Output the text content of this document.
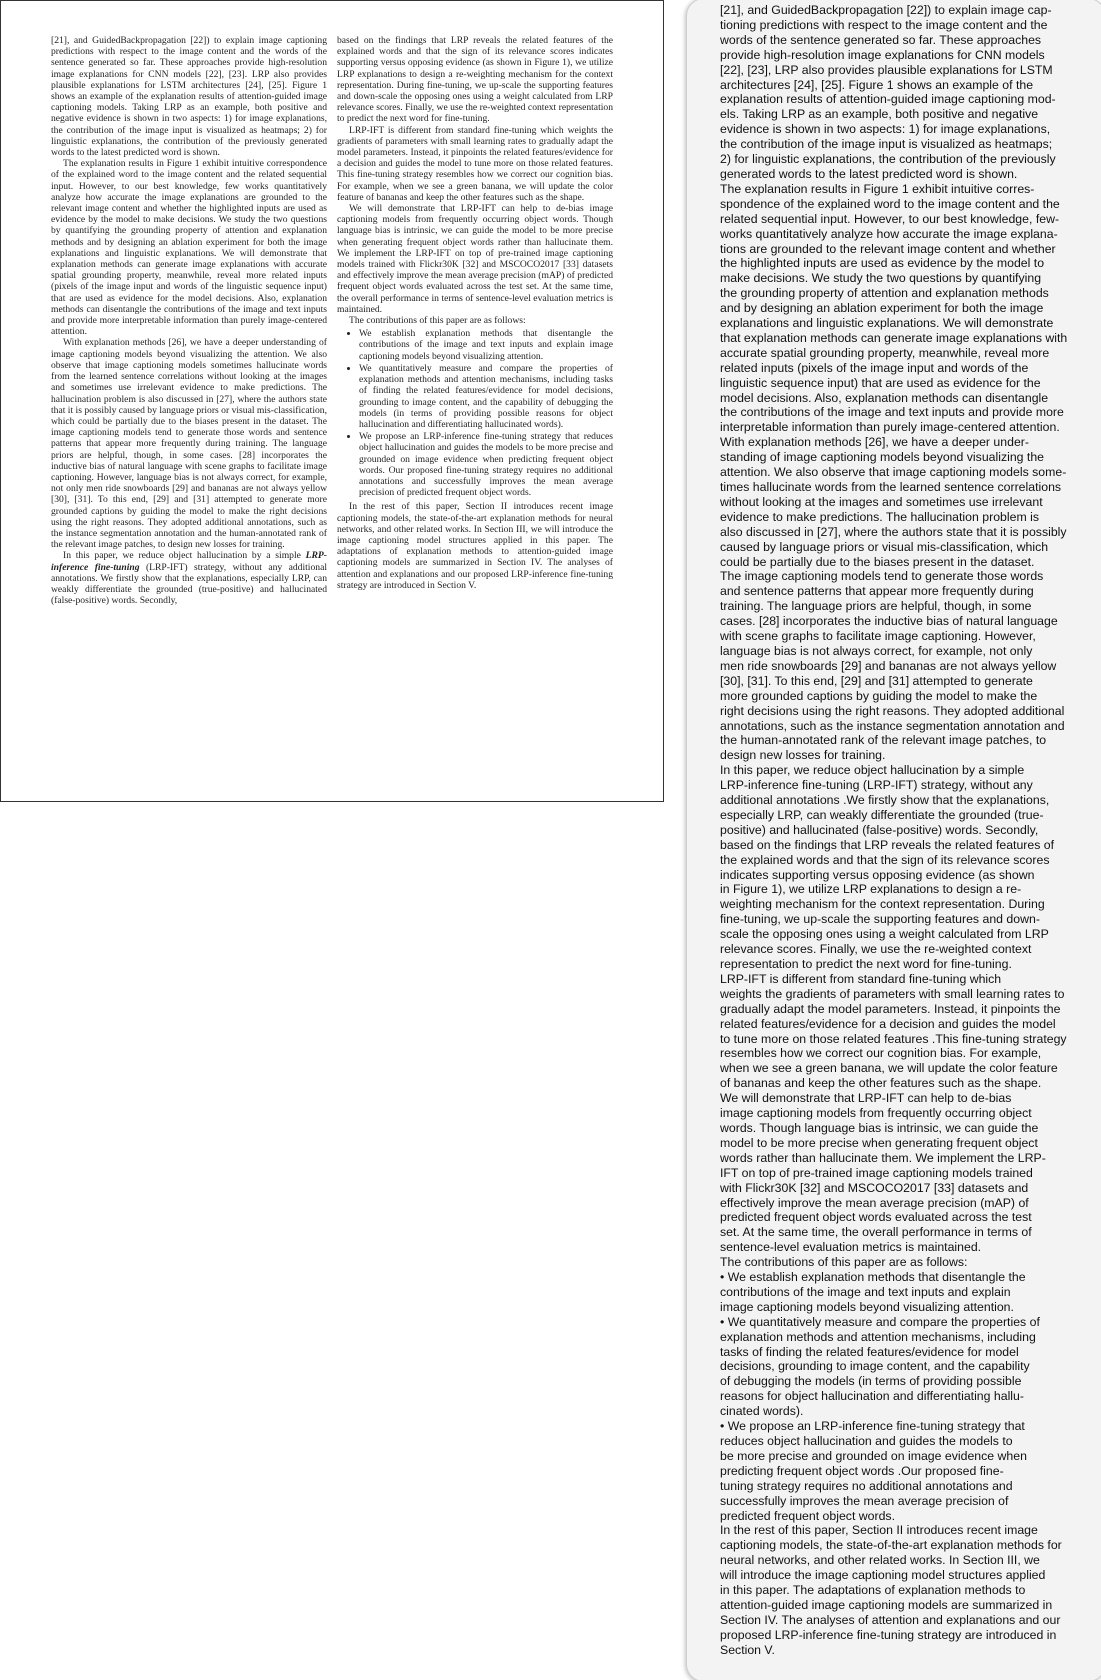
[21], and GuidedBackpropagation [22]) to explain image captioning predictions with respect to the image content and the words of the sentence generated so far. These approaches provide high-resolution image explanations for CNN models [22], [23]. LRP also provides plausible explanations for LSTM architectures [24], [25]. Figure 1 shows an example of the explanation results of attention-guided image captioning models. Taking LRP as an example, both positive and negative evidence is shown in two aspects: 1) for image explanations, the contribution of the image input is visualized as heatmaps; 2) for linguistic explanations, the contribution of the previously generated words to the latest predicted word is shown.

The explanation results in Figure 1 exhibit intuitive correspondence of the explained word to the image content and the related sequential input. However, to our best knowledge, few works quantitatively analyze how accurate the image explanations are grounded to the relevant image content and whether the highlighted inputs are used as evidence by the model to make decisions. We study the two questions by quantifying the grounding property of attention and explanation methods and by designing an ablation experiment for both the image explanations and linguistic explanations. We will demonstrate that explanation methods can generate image explanations with accurate spatial grounding property, meanwhile, reveal more related inputs (pixels of the image input and words of the linguistic sequence input) that are used as evidence for the model decisions. Also, explanation methods can disentangle the contributions of the image and text inputs and provide more interpretable information than purely image-centered attention.

With explanation methods [26], we have a deeper understanding of image captioning models beyond visualizing the attention. We also observe that image captioning models sometimes hallucinate words from the learned sentence correlations without looking at the images and sometimes use irrelevant evidence to make predictions. The hallucination problem is also discussed in [27], where the authors state that it is possibly caused by language priors or visual mis-classification, which could be partially due to the biases present in the dataset. The image captioning models tend to generate those words and sentence patterns that appear more frequently during training. The language priors are helpful, though, in some cases. [28] incorporates the inductive bias of natural language with scene graphs to facilitate image captioning. However, language bias is not always correct, for example, not only men ride snowboards [29] and bananas are not always yellow [30], [31]. To this end, [29] and [31] attempted to generate more grounded captions by guiding the model to make the right decisions using the right reasons. They adopted additional annotations, such as the instance segmentation annotation and the human-annotated rank of the relevant image patches, to design new losses for training.

In this paper, we reduce object hallucination by a simple LRP-inference fine-tuning (LRP-IFT) strategy, without any additional annotations. We firstly show that the explanations, especially LRP, can weakly differentiate the grounded (true-positive) and hallucinated (false-positive) words. Secondly,

based on the findings that LRP reveals the related features of the explained words and that the sign of its relevance scores indicates supporting versus opposing evidence (as shown in Figure 1), we utilize LRP explanations to design a re-weighting mechanism for the context representation. During fine-tuning, we up-scale the supporting features and down-scale the opposing ones using a weight calculated from LRP relevance scores. Finally, we use the re-weighted context representation to predict the next word for fine-tuning.

LRP-IFT is different from standard fine-tuning which weights the gradients of parameters with small learning rates to gradually adapt the model parameters. Instead, it pinpoints the related features/evidence for a decision and guides the model to tune more on those related features. This fine-tuning strategy resembles how we correct our cognition bias. For example, when we see a green banana, we will update the color feature of bananas and keep the other features such as the shape.

We will demonstrate that LRP-IFT can help to de-bias image captioning models from frequently occurring object words. Though language bias is intrinsic, we can guide the model to be more precise when generating frequent object words rather than hallucinate them. We implement the LRP-IFT on top of pre-trained image captioning models trained with Flickr30K [32] and MSCOCO2017 [33] datasets and effectively improve the mean average precision (mAP) of predicted frequent object words evaluated across the test set. At the same time, the overall performance in terms of sentence-level evaluation metrics is maintained.

The contributions of this paper are as follows:

• We establish explanation methods that disentangle the contributions of the image and text inputs and explain image captioning models beyond visualizing attention.
• We quantitatively measure and compare the properties of explanation methods and attention mechanisms, including tasks of finding the related features/evidence for model decisions, grounding to image content, and the capability of debugging the models (in terms of providing possible reasons for object hallucination and differentiating hallucinated words).
• We propose an LRP-inference fine-tuning strategy that reduces object hallucination and guides the models to be more precise and grounded on image evidence when predicting frequent object words. Our proposed fine-tuning strategy requires no additional annotations and successfully improves the mean average precision of predicted frequent object words.

In the rest of this paper, Section II introduces recent image captioning models, the state-of-the-art explanation methods for neural networks, and other related works. In Section III, we will introduce the image captioning model structures applied in this paper. The adaptations of explanation methods to attention-guided image captioning models are summarized in Section IV. The analyses of attention and explanations and our proposed LRP-inference fine-tuning strategy are introduced in Section V.

[21], and GuidedBackpropagation [22]) to explain image cap-

tioning predictions with respect to the image content and the

words of the sentence generated so far. These approaches

provide high-resolution image explanations for CNN models

[22], [23], LRP also provides plausible explanations for LSTM

architectures [24], [25]. Figure 1 shows an example of the

explanation results of attention-guided image captioning mod-

els. Taking LRP as an example, both positive and negative

evidence is shown in two aspects: 1) for image explanations,

the contribution of the image input is visualized as heatmaps;

2) for linguistic explanations, the contribution of the previously

generated words to the latest predicted word is shown.

The explanation results in Figure 1 exhibit intuitive corres-

spondence of the explained word to the image content and the

related sequential input. However, to our best knowledge, few-

works quantitatively analyze how accurate the image explana-

tions are grounded to the relevant image content and whether

the highlighted inputs are used as evidence by the model to

make decisions. We study the two questions by quantifying

the grounding property of attention and explanation methods

and by designing an ablation experiment for both the image

explanations and linguistic explanations. We will demonstrate

that explanation methods can generate image explanations with

accurate spatial grounding property, meanwhile, reveal more

related inputs (pixels of the image input and words of the

linguistic sequence input) that are used as evidence for the

model decisions. Also, explanation methods can disentangle

the contributions of the image and text inputs and provide more

interpretable information than purely image-centered attention.

With explanation methods [26], we have a deeper under-

standing of image captioning models beyond visualizing the

attention. We also observe that image captioning models some-

times hallucinate words from the learned sentence correlations

without looking at the images and sometimes use irrelevant

evidence to make predictions. The hallucination problem is

also discussed in [27], where the authors state that it is possibly

caused by language priors or visual mis-classification, which

could be partially due to the biases present in the dataset.

The image captioning models tend to generate those words

and sentence patterns that appear more frequently during

training. The language priors are helpful, though, in some

cases. [28] incorporates the inductive bias of natural language

with scene graphs to facilitate image captioning. However,

language bias is not always correct, for example, not only

men ride snowboards [29] and bananas are not always yellow

[30], [31]. To this end, [29] and [31] attempted to generate

more grounded captions by guiding the model to make the

right decisions using the right reasons. They adopted additional

annotations, such as the instance segmentation annotation and

the human-annotated rank of the relevant image patches, to

design new losses for training.

In this paper, we reduce object hallucination by a simple

LRP-inference fine-tuning (LRP-IFT) strategy, without any

additional annotations .We firstly show that the explanations,

especially LRP, can weakly differentiate the grounded (true-

positive) and hallucinated (false-positive) words. Secondly,

based on the findings that LRP reveals the related features of

the explained words and that the sign of its relevance scores

indicates supporting versus opposing evidence (as shown

in Figure 1), we utilize LRP explanations to design a re-

weighting mechanism for the context representation. During

fine-tuning, we up-scale the supporting features and down-

scale the opposing ones using a weight calculated from LRP

relevance scores. Finally, we use the re-weighted context

representation to predict the next word for fine-tuning.

LRP-IFT is different from standard fine-tuning which

weights the gradients of parameters with small learning rates to

gradually adapt the model parameters. Instead, it pinpoints the

related features/evidence for a decision and guides the model

to tune more on those related features .This fine-tuning strategy

resembles how we correct our cognition bias. For example,

when we see a green banana, we will update the color feature

of bananas and keep the other features such as the shape.

We will demonstrate that LRP-IFT can help to de-bias

image captioning models from frequently occurring object

words. Though language bias is intrinsic, we can guide the

model to be more precise when generating frequent object

words rather than hallucinate them. We implement the LRP-

IFT on top of pre-trained image captioning models trained

with Flickr30K [32] and MSCOCO2017 [33] datasets and

effectively improve the mean average precision (mAP) of

predicted frequent object words evaluated across the test

set. At the same time, the overall performance in terms of

sentence-level evaluation metrics is maintained.

The contributions of this paper are as follows:

• We establish explanation methods that disentangle the

contributions of the image and text inputs and explain

image captioning models beyond visualizing attention.

• We quantitatively measure and compare the properties of

explanation methods and attention mechanisms, including

tasks of finding the related features/evidence for model

decisions, grounding to image content, and the capability

of debugging the models (in terms of providing possible

reasons for object hallucination and differentiating hallu-

cinated words).

• We propose an LRP-inference fine-tuning strategy that

reduces object hallucination and guides the models to

be more precise and grounded on image evidence when

predicting frequent object words .Our proposed fine-

tuning strategy requires no additional annotations and

successfully improves the mean average precision of

predicted frequent object words.

In the rest of this paper, Section II introduces recent image

captioning models, the state-of-the-art explanation methods for

neural networks, and other related works. In Section III, we

will introduce the image captioning model structures applied

in this paper. The adaptations of explanation methods to

attention-guided image captioning models are summarized in

Section IV. The analyses of attention and explanations and our

proposed LRP-inference fine-tuning strategy are introduced in

Section V.
